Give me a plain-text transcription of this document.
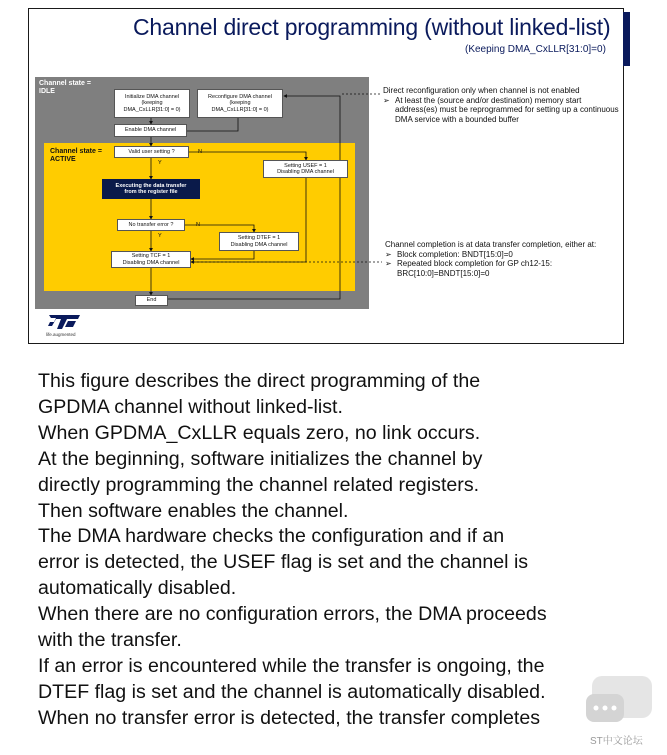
Channel direct programming (without linked-list)
(Keeping DMA_CxLLR[31:0]=0)
Channel state =
IDLE
Channel state =
ACTIVE
Initialize DMA channel
(keeping
DMA_CxLLR[31:0] = 0)
Reconfigure DMA channel
(keeping
DMA_CxLLR[31:0] = 0)
Enable DMA channel
Valid user setting ?
Setting USEF = 1
Disabling DMA channel
Executing the data transfer
from the register file
No transfer error ?
Setting DTEF = 1
Disabling DMA channel
Setting TCF = 1
Disabling DMA channel
End
Y
N
Y
N
Direct reconfiguration only when channel is not enabled
➢ At least the (source and/or destination) memory start address(es) must be reprogrammed for setting up a continuous DMA service with a bounded buffer
Channel completion is at data transfer completion, either at:
➢ Block completion: BNDT[15:0]=0
➢ Repeated block completion for GP ch12-15: BRC[10:0]=BNDT[15:0]=0
life.augmented
This figure describes the direct programming of the
GPDMA channel without linked-list.
When GPDMA_CxLLR equals zero, no link occurs.
At the beginning, software initializes the channel by
directly programming the channel related registers.
Then software enables the channel.
The DMA hardware checks the configuration and if an
error is detected, the USEF flag is set and the channel is
automatically disabled.
When there are no configuration errors, the DMA proceeds
with the transfer.
If an error is encountered while the transfer is ongoing, the
DTEF flag is set and the channel is automatically disabled.
When no transfer error is detected, the transfer completes
ST中文论坛
